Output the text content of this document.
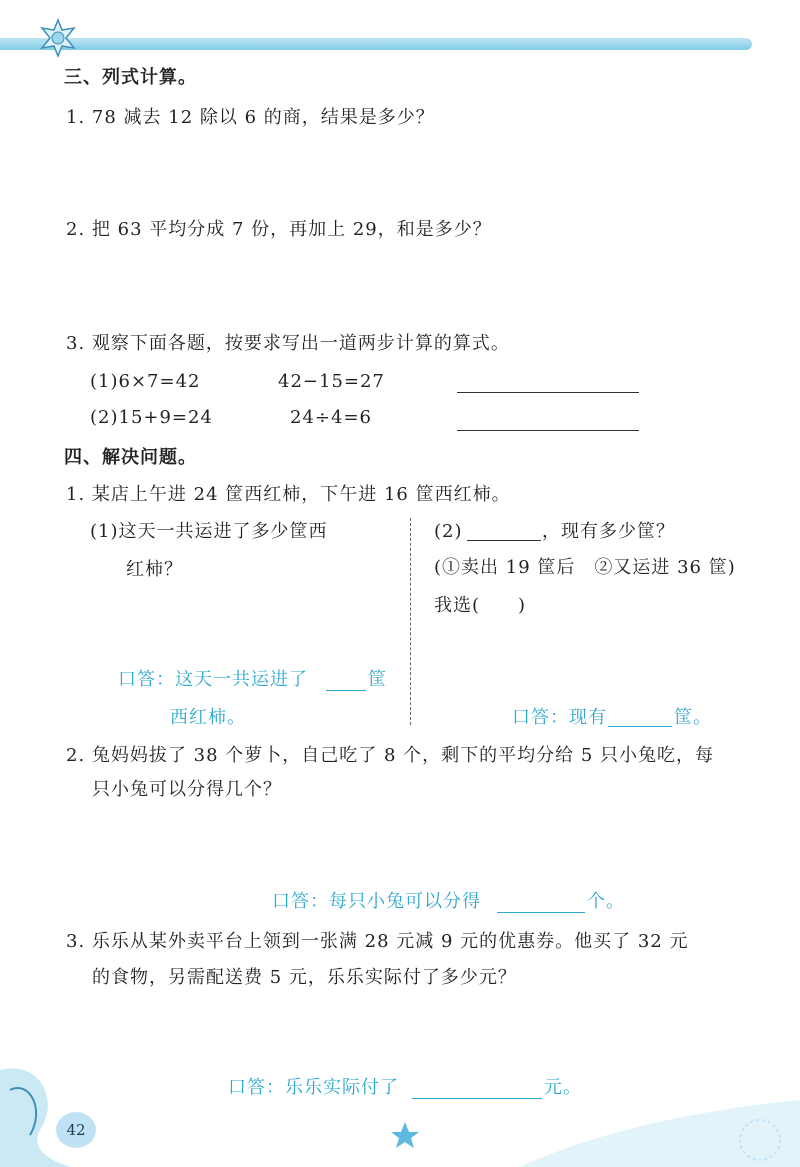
三、列式计算。
1. 78 减去 12 除以 6 的商，结果是多少？
2. 把 63 平均分成 7 份，再加上 29，和是多少？
3. 观察下面各题，按要求写出一道两步计算的算式。
(1)6×7=42	42−15=27
(2)15+9=24	24÷4=6
四、解决问题。
1. 某店上午进 24 筐西红柿，下午进 16 筐西红柿。
(1)这天一共运进了多少筐西
红柿？
(2)	，现有多少筐？
(①卖出 19 筐后　②又运进 36 筐)
我选(　　)
口答：这天一共运进了	筐
西红柿。	口答：现有	筐。
2. 兔妈妈拔了 38 个萝卜，自己吃了 8 个，剩下的平均分给 5 只小兔吃，每
只小兔可以分得几个？
口答：每只小兔可以分得	个。
3. 乐乐从某外卖平台上领到一张满 28 元减 9 元的优惠券。他买了 32 元
的食物，另需配送费 5 元，乐乐实际付了多少元？
口答：乐乐实际付了	元。
42
